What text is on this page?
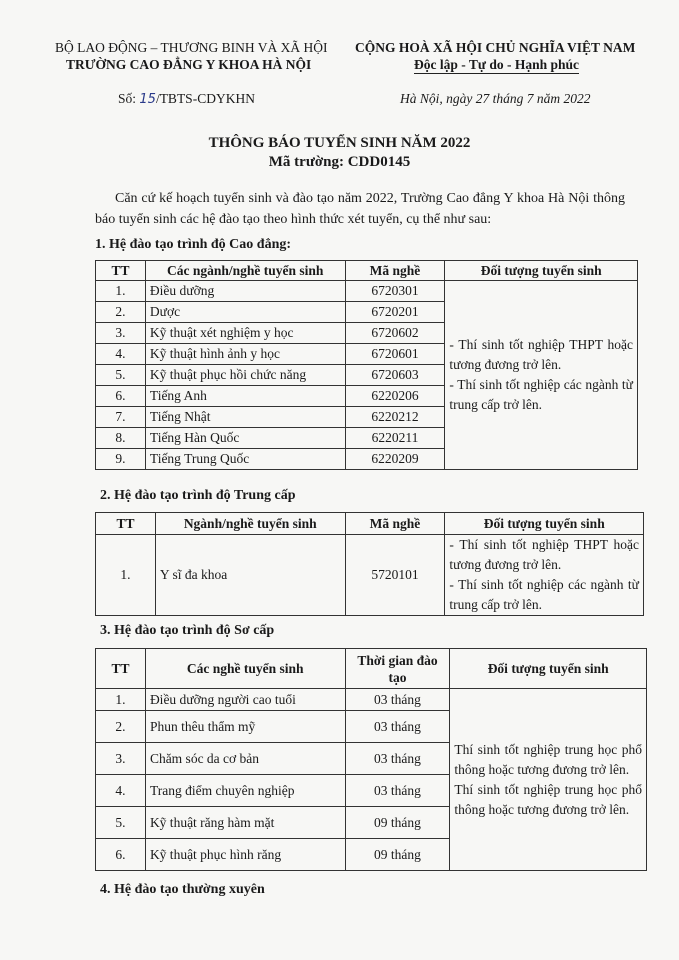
BỘ LAO ĐỘNG – THƯƠNG BINH VÀ XÃ HỘI
TRƯỜNG CAO ĐẲNG Y KHOA HÀ NỘI
CỘNG HOÀ XÃ HỘI CHỦ NGHĨA VIỆT NAM
Độc lập - Tự do - Hạnh phúc
Số: 15/TBTS-CDYKHN	Hà Nội, ngày 27 tháng 7 năm 2022
THÔNG BÁO TUYỂN SINH NĂM 2022
Mã trường: CDD0145
Căn cứ kế hoạch tuyển sinh và đào tạo năm 2022, Trường Cao đẳng Y khoa Hà Nội thông báo tuyển sinh các hệ đào tạo theo hình thức xét tuyển, cụ thể như sau:
1. Hệ đào tạo trình độ Cao đẳng:
TT	Các ngành/nghề tuyển sinh	Mã nghề	Đối tượng tuyển sinh
1.	Điều dưỡng	6720301	- Thí sinh tốt nghiệp THPT hoặc tương đương trở lên.

- Thí sinh tốt nghiệp các ngành từ trung cấp trở lên.

2.	Dược	6720201	
3.	Kỹ thuật xét nghiệm y học	6720602	
4.	Kỹ thuật hình ảnh y học	6720601	
5.	Kỹ thuật phục hồi chức năng	6720603	
6.	Tiếng Anh	6220206	
7.	Tiếng Nhật	6220212	
8.	Tiếng Hàn Quốc	6220211	
9.	Tiếng Trung Quốc	6220209	
2. Hệ đào tạo trình độ Trung cấp
TT	Ngành/nghề tuyển sinh	Mã nghề	Đối tượng tuyển sinh
1.	Y sĩ đa khoa	5720101	- Thí sinh tốt nghiệp THPT hoặc tương đương trở lên.

- Thí sinh tốt nghiệp các ngành từ trung cấp trở lên.

3. Hệ đào tạo trình độ Sơ cấp
TT	Các nghề tuyển sinh	Thời gian đào tạo	Đối tượng tuyển sinh
1.	Điều dưỡng người cao tuổi	03 tháng	Thí sinh tốt nghiệp trung học phổ thông hoặc tương đương trở lên.

Thí sinh tốt nghiệp trung học phổ thông hoặc tương đương trở lên.

2.	Phun thêu thẩm mỹ	03 tháng	
3.	Chăm sóc da cơ bản	03 tháng	
4.	Trang điểm chuyên nghiệp	03 tháng	
5.	Kỹ thuật răng hàm mặt	09 tháng	
6.	Kỹ thuật phục hình răng	09 tháng	
4. Hệ đào tạo thường xuyên
